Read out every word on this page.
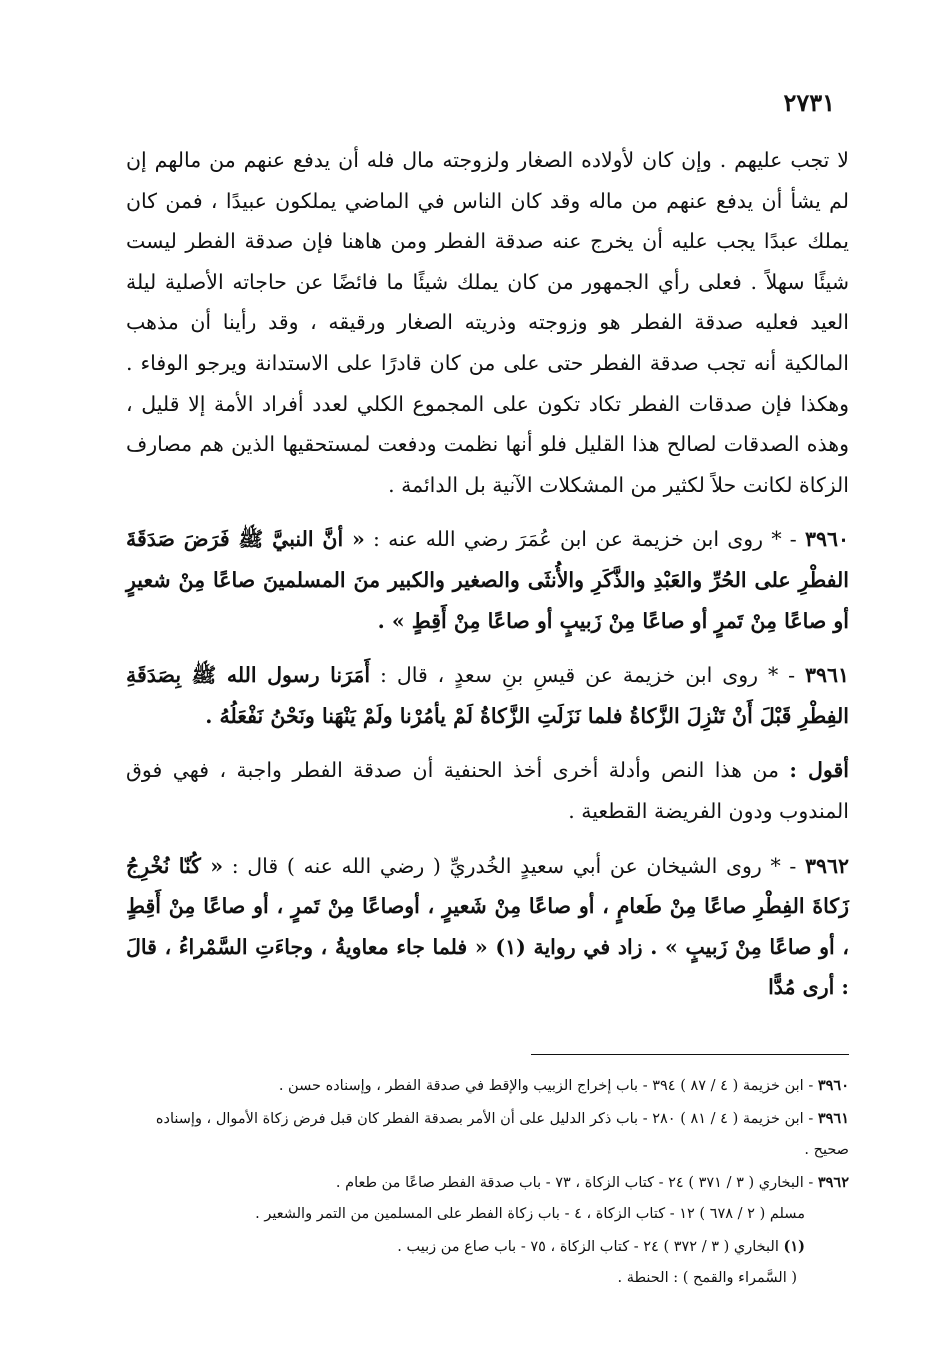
٢٧٣١

لا تجب عليهم . وإن كان لأولاده الصغار ولزوجته مال فله أن يدفع عنهم من مالهم إن لم يشأ أن يدفع عنهم من ماله وقد كان الناس في الماضي يملكون عبيدًا ، فمن كان يملك عبدًا يجب عليه أن يخرج عنه صدقة الفطر ومن هاهنا فإن صدقة الفطر ليست شيئًا سهلاً . فعلى رأي الجمهور من كان يملك شيئًا ما فائضًا عن حاجاته الأصلية ليلة العيد فعليه صدقة الفطر هو وزوجته وذريته الصغار ورقيقه ، وقد رأينا أن مذهب المالكية أنه تجب صدقة الفطر حتى على من كان قادرًا على الاستدانة ويرجو الوفاء . وهكذا فإن صدقات الفطر تكاد تكون على المجموع الكلي لعدد أفراد الأمة إلا قليل ، وهذه الصدقات لصالح هذا القليل فلو أنها نظمت ودفعت لمستحقيها الذين هم مصارف الزكاة لكانت حلاً لكثير من المشكلات الآنية بل الدائمة .

٣٩٦٠ - * روى ابن خزيمة عن ابن عُمَرَ رضي الله عنه : « أنَّ النبيَّ ﷺ فَرَضَ صَدَقَةَ الفطْرِ على الحُرِّ والعَبْدِ والذَّكَرِ والأُنثَى والصغير والكبير منَ المسلمينَ صاعًا مِنْ شعيرٍ أو صاعًا مِنْ تَمرٍ أو صاعًا مِنْ زَبيبٍ أو صاعًا مِنْ أَقِطٍ » .

٣٩٦١ - * روى ابن خزيمة عن قيسِ بنِ سعدٍ ، قال : أَمَرَنا رسول الله ﷺ بِصَدَقَةِ الفِطْرِ قَبْلَ أَنْ تَنْزِلَ الزَّكاةُ فلما نَزَلَتِ الزَّكاةُ لَمْ يأمُرْنا ولَمْ يَنْهَنا ونَحْنُ نَفْعَلُهُ .

أقول : من هذا النص وأدلة أخرى أخذ الحنفية أن صدقة الفطر واجبة ، فهي فوق المندوب ودون الفريضة القطعية .

٣٩٦٢ - * روى الشيخان عن أبي سعيدٍ الخُدريِّ ( رضي الله عنه ) قال : « كُنّا نُخْرِجُ زَكاةَ الفِطْرِ صاعًا مِنْ طَعامٍ ، أو صاعًا مِنْ شَعيرٍ ، أوصاعًا مِنْ تَمرٍ ، أو صاعًا مِنْ أَقِطٍ ، أو صاعًا مِنْ زَبيبٍ » . زاد في رواية (١) « فلما جاء معاويةُ ، وجاءَتِ السَّمْراءُ ، قالَ : أرى مُدًّا

٣٩٦٠ - ابن خزيمة ( ٤ / ٨٧ ) ٣٩٤ - باب إخراج الزبيب والإقط في صدقة الفطر ، وإسناده حسن .

٣٩٦١ - ابن خزيمة ( ٤ / ٨١ ) ٢٨٠ - باب ذكر الدليل على أن الأمر بصدقة الفطر كان قبل فرض زكاة الأموال ، وإسناده صحيح .

٣٩٦٢ - البخاري ( ٣ / ٣٧١ ) ٢٤ - كتاب الزكاة ، ٧٣ - باب صدقة الفطر صاعًا من طعام .

مسلم ( ٢ / ٦٧٨ ) ١٢ - كتاب الزكاة ، ٤ - باب زكاة الفطر على المسلمين من التمر والشعير .

(١) البخاري ( ٣ / ٣٧٢ ) ٢٤ - كتاب الزكاة ، ٧٥ - باب صاع من زبيب .

( السَّمراء والقمح ) : الحنطة .
